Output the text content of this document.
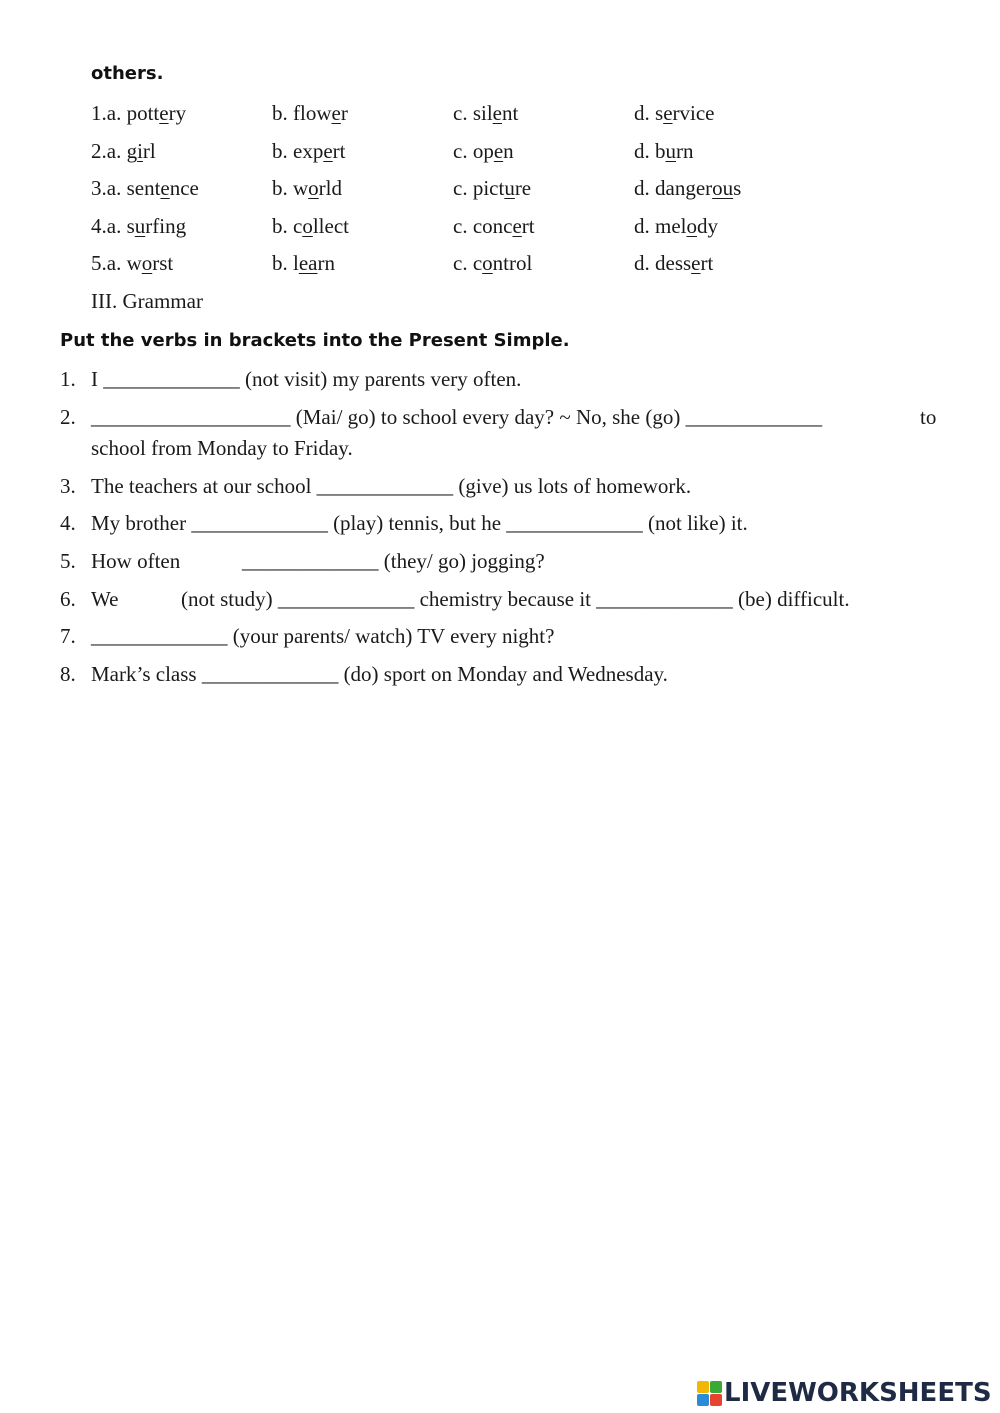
others.
1.a. pottery	b. flower	c. silent	d. service
2.a. girl	b. expert	c. open	d. burn
3.a. sentence	b. world	c. picture	d. dangerous
4.a. surfing	b. collect	c. concert	d. melody
5.a. worst	b. learn	c. control	d. dessert
III. Grammar
Put the verbs in brackets into the Present Simple.
1. I _____________ (not visit) my parents very often.
2. ___________________ (Mai/ go) to school every day? ~ No, she (go) _____________	to
school from Monday to Friday.
3. The teachers at our school _____________ (give) us lots of homework.
4. My brother _____________ (play) tennis, but he _____________ (not like) it.
5. How often	_____________ (they/ go) jogging?
6. We	(not study) _____________ chemistry because it _____________ (be) difficult.
7. _____________ (your parents/ watch) TV every night?
8. Mark’s class _____________ (do) sport on Monday and Wednesday.
LIVEWORKSHEETS
